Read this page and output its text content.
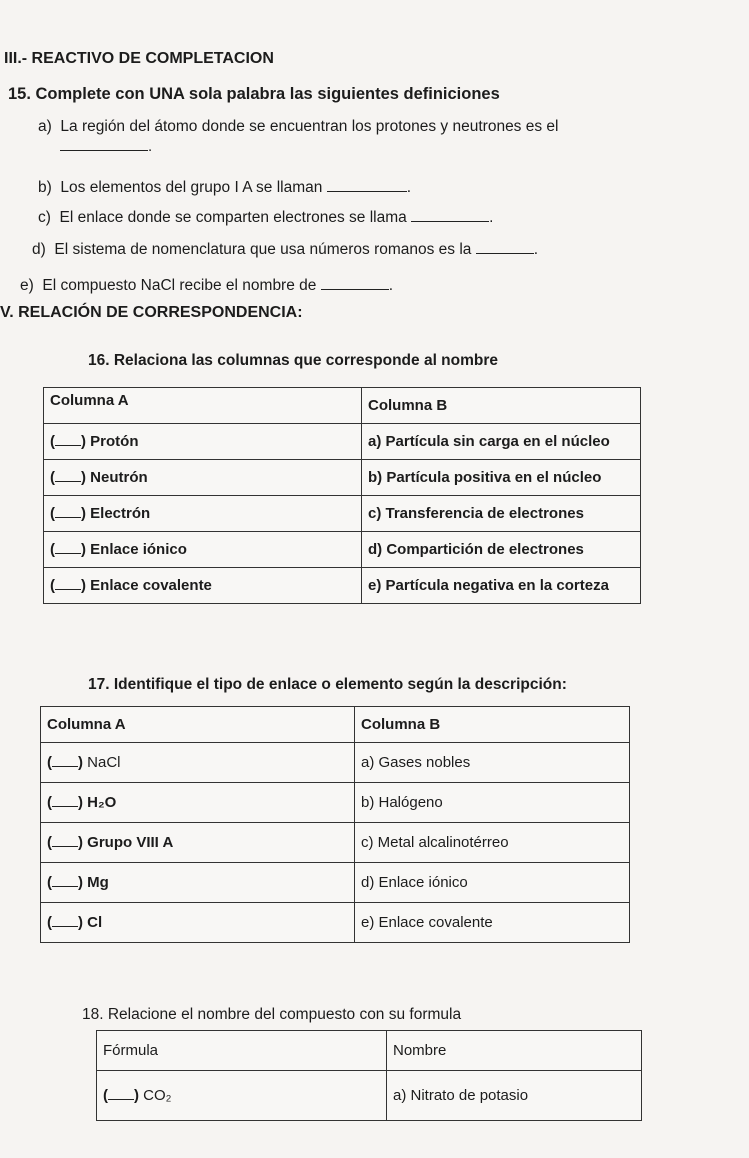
III.- REACTIVO DE COMPLETACION
15. Complete con UNA sola palabra las siguientes definiciones
a) La región del átomo donde se encuentran los protones y neutrones es el
.
b) Los elementos del grupo I A se llaman	.
c) El enlace donde se comparten electrones se llama	.
d) El sistema de nomenclatura que usa números romanos es la	.
e) El compuesto NaCl recibe el nombre de	.
V. RELACIÓN DE CORRESPONDENCIA:
16. Relaciona las columnas que corresponde al nombre
Columna A	Columna B
( ) Protón	a) Partícula sin carga en el núcleo
( ) Neutrón	b) Partícula positiva en el núcleo
( ) Electrón	c) Transferencia de electrones
( ) Enlace iónico	d) Compartición de electrones
( ) Enlace covalente	e) Partícula negativa en la corteza
17. Identifique el tipo de enlace o elemento según la descripción:
Columna A	Columna B
( ) NaCl	a) Gases nobles
( ) H₂O	b) Halógeno
( ) Grupo VIII A	c) Metal alcalinotérreo
( ) Mg	d) Enlace iónico
( ) Cl	e) Enlace covalente
18. Relacione el nombre del compuesto con su formula
Fórmula	Nombre
( ) CO₂	a) Nitrato de potasio
